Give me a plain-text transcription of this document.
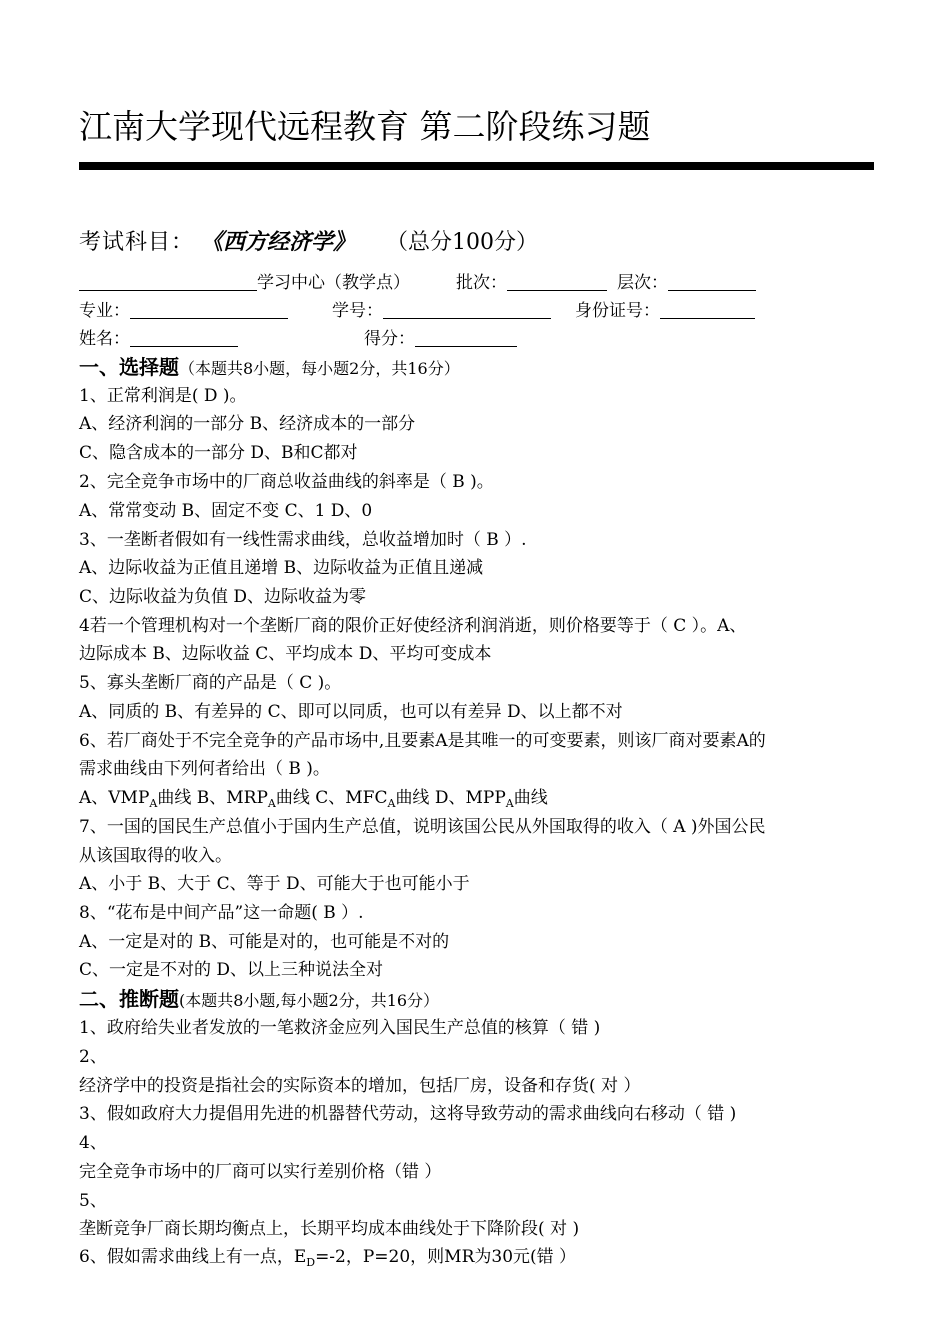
江南大学现代远程教育 第二阶段练习题
考试科目： 《西方经济学》 （总分100分）
学习中心（教学点）	批次：	层次：
专业：	学号：	身份证号：
姓名：	得分：
一、选择题（本题共8小题，每小题2分，共16分）
1、正常利润是( D )。
A、经济利润的一部分 B、经济成本的一部分
C、隐含成本的一部分 D、B和C都对
2、完全竞争市场中的厂商总收益曲线的斜率是（ B )。
A、常常变动 B、固定不变 C、1 D、0
3、一垄断者假如有一线性需求曲线，总收益增加时（ B ）.
A、边际收益为正值且递增 B、边际收益为正值且递减
C、边际收益为负值 D、边际收益为零
4若一个管理机构对一个垄断厂商的限价正好使经济利润消逝，则价格要等于（ C ）。A、
边际成本 B、边际收益 C、平均成本 D、平均可变成本
5、寡头垄断厂商的产品是（ C )。
A、同质的 B、有差异的 C、即可以同质，也可以有差异 D、以上都不对
6、若厂商处于不完全竞争的产品市场中,且要素A是其唯一的可变要素，则该厂商对要素A的
需求曲线由下列何者给出（ B )。
A、$VMP_A$曲线 B、$MRP_A$曲线 C、$MFC_A$曲线 D、$MPP_A$曲线
7、一国的国民生产总值小于国内生产总值，说明该国公民从外国取得的收入（ A )外国公民
从该国取得的收入。
A、小于 B、大于 C、等于 D、可能大于也可能小于
8、“花布是中间产品”这一命题( B ）.
A、一定是对的 B、可能是对的，也可能是不对的
C、一定是不对的 D、以上三种说法全对
二、推断题(本题共8小题,每小题2分，共16分）
1、政府给失业者发放的一笔救济金应列入国民生产总值的核算（ 错 )
2、
经济学中的投资是指社会的实际资本的增加，包括厂房，设备和存货( 对 ）
3、假如政府大力提倡用先进的机器替代劳动，这将导致劳动的需求曲线向右移动（ 错 )
4、
完全竞争市场中的厂商可以实行差别价格（错 ）
5、
垄断竞争厂商长期均衡点上，长期平均成本曲线处于下降阶段( 对 )
6、假如需求曲线上有一点，$E_D=-2$，P=20，则MR为30元(错 ）
